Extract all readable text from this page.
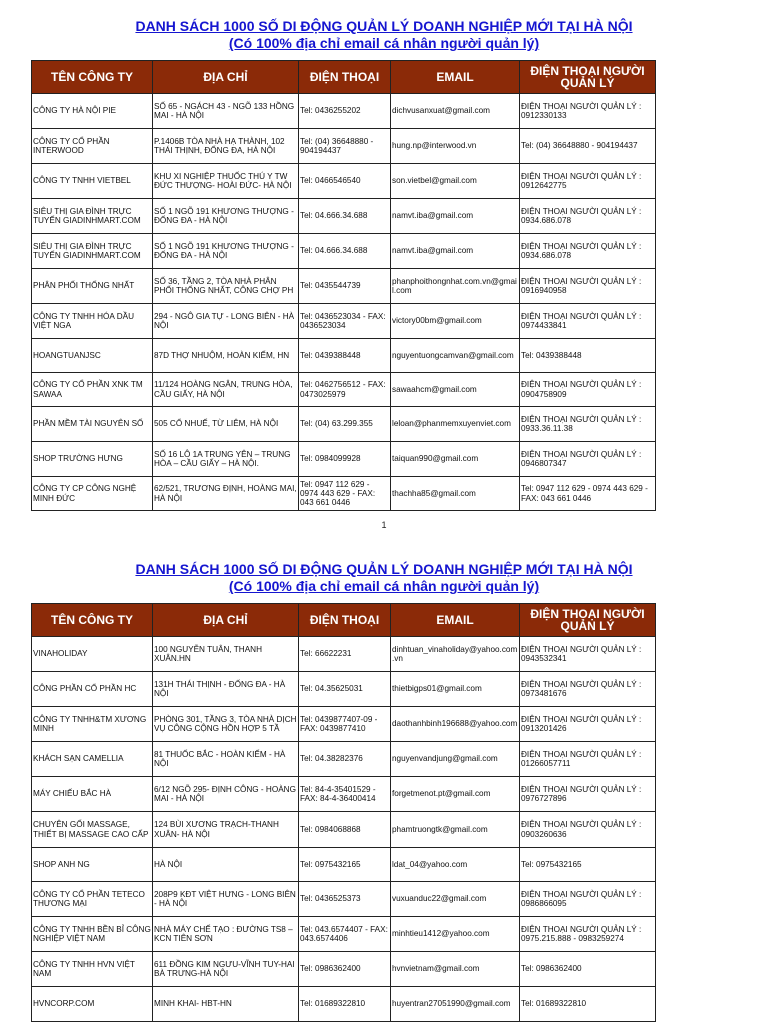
DANH SÁCH 1000 SỐ DI ĐỘNG QUẢN LÝ DOANH NGHIỆP MỚI TẠI HÀ NỘI
(Có 100% địa chỉ email cá nhân người quản lý)
TÊN CÔNG TY	ĐỊA CHỈ	ĐIỆN THOẠI	EMAIL	ĐIỆN THOẠI NGƯỜI QUẢN LÝ
CÔNG TY HÀ NỘI PIE	SỐ 65 - NGÁCH 43 - NGÕ 133 HỒNG MAI - HÀ NỘI	Tel: 0436255202	dichvusanxuat@gmail.com	ĐIỆN THOẠI NGƯỜI QUẢN LÝ : 0912330133
CÔNG TY CỔ PHẦN INTERWOOD	P.1406B TÒA NHÀ HẠ THÀNH, 102 THÁI THỊNH, ĐỐNG ĐA, HÀ NỘI	Tel: (04) 36648880 - 904194437	hung.np@interwood.vn	Tel: (04) 36648880 - 904194437
CÔNG TY TNHH VIETBEL	KHU XI NGHIỆP THUỐC THÚ Y TW ĐỨC THƯỢNG- HOÀI ĐỨC- HÀ NỘI	Tel: 0466546540	son.vietbel@gmail.com	ĐIỆN THOẠI NGƯỜI QUẢN LÝ : 0912642775
SIÊU THỊ GIA ĐÌNH TRỰC TUYẾN GIADINHMART.COM	SỐ 1 NGÕ 191 KHƯƠNG THƯỢNG - ĐỐNG ĐA - HÀ NỘI	Tel: 04.666.34.688	namvt.iba@gmail.com	ĐIỆN THOẠI NGƯỜI QUẢN LÝ : 0934.686.078
SIÊU THỊ GIA ĐÌNH TRỰC TUYẾN GIADINHMART.COM	SỐ 1 NGÕ 191 KHƯƠNG THƯỢNG - ĐỐNG ĐA - HÀ NỘI	Tel: 04.666.34.688	namvt.iba@gmail.com	ĐIỆN THOẠI NGƯỜI QUẢN LÝ : 0934.686.078
PHÂN PHỐI THỐNG NHẤT	SỐ 36, TẦNG 2, TÒA NHÀ PHÂN PHỐI THỐNG NHẤT, CÔNG CHỢ PH	Tel: 0435544739	phanphoithongnhat.com.vn@gmail.com	ĐIỆN THOẠI NGƯỜI QUẢN LÝ : 0916940958
CÔNG TY TNHH HÓA DẦU VIỆT NGA	294 - NGÔ GIA TỰ - LONG BIÊN - HÀ NỘI	Tel: 0436523034 - FAX: 0436523034	victory00bm@gmail.com	ĐIỆN THOẠI NGƯỜI QUẢN LÝ : 0974433841
HOANGTUANJSC	87D THỢ NHUỘM, HOÀN KIẾM, HN	Tel: 0439388448	nguyentuongcamvan@gmail.com	Tel: 0439388448
CÔNG TY CỔ PHẦN XNK TM SAWAA	11/124 HOÀNG NGÂN, TRUNG HÒA, CẦU GIẤY, HÀ NỘI	Tel: 0462756512 - FAX: 0473025979	sawaahcm@gmail.com	ĐIỆN THOẠI NGƯỜI QUẢN LÝ : 0904758909
PHẦN MỀM TÀI NGUYÊN SỐ	505 CỔ NHUẾ, TỪ LIÊM, HÀ NỘI	Tel: (04) 63.299.355	leloan@phanmemxuyenviet.com	ĐIỆN THOẠI NGƯỜI QUẢN LÝ : 0933.36.11.38
SHOP TRƯỜNG HƯNG	SỐ 16 LÔ 1A TRUNG YÊN – TRUNG HÒA – CẦU GIẤY – HÀ NỘI.	Tel: 0984099928	taiquan990@gmail.com	ĐIỆN THOẠI NGƯỜI QUẢN LÝ : 0946807347
CÔNG TY CP CÔNG NGHỆ MINH ĐỨC	62/521, TRƯƠNG ĐỊNH, HOÀNG MAI, HÀ NỘI	Tel: 0947 112 629 - 0974 443 629 - FAX: 043 661 0446	thachha85@gmail.com	Tel: 0947 112 629 - 0974 443 629 - FAX: 043 661 0446
1
DANH SÁCH 1000 SỐ DI ĐỘNG QUẢN LÝ DOANH NGHIỆP MỚI TẠI HÀ NỘI
(Có 100% địa chỉ email cá nhân người quản lý)
TÊN CÔNG TY	ĐỊA CHỈ	ĐIỆN THOẠI	EMAIL	ĐIỆN THOẠI NGƯỜI QUẢN LÝ
VINAHOLIDAY	100 NGUYỄN TUÂN, THANH XUÂN.HN	Tel: 66622231	dinhtuan_vinaholiday@yahoo.com.vn	ĐIỆN THOẠI NGƯỜI QUẢN LÝ : 0943532341
CÔNG PHẦN CỔ PHẦN HC	131H THÁI THỊNH - ĐỐNG ĐA - HÀ NỘI	Tel: 04.35625031	thietbigps01@gmail.com	ĐIỆN THOẠI NGƯỜI QUẢN LÝ : 0973481676
CÔNG TY TNHH&TM XƯƠNG MINH	PHÒNG 301, TẦNG 3, TÒA NHÀ DỊCH VỤ CÔNG CỘNG HỒN HỢP 5 TẦ	Tel: 0439877407-09 - FAX: 0439877410	daothanhbinh196688@yahoo.com	ĐIỆN THOẠI NGƯỜI QUẢN LÝ : 0913201426
KHÁCH SẠN CAMELLIA	81 THUỐC BẮC - HOÀN KIẾM - HÀ NỘI	Tel: 04.38282376	nguyenvandjung@gmail.com	ĐIỆN THOẠI NGƯỜI QUẢN LÝ : 01266057711
MÁY CHIẾU BẮC HÀ	6/12 NGÕ 295- ĐỊNH CÔNG - HOÀNG MAI - HÀ NỘI	Tel: 84-4-35401529 - FAX: 84-4-36400414	forgetmenot.pt@gmail.com	ĐIỆN THOẠI NGƯỜI QUẢN LÝ : 0976727896
CHUYÊN GỐI MASSAGE, THIẾT BỊ MASSAGE CAO CẤP	124 BÙI XƯƠNG TRẠCH-THANH XUÂN- HÀ NỘI	Tel: 0984068868	phamtruongtk@gmail.com	ĐIỆN THOẠI NGƯỜI QUẢN LÝ : 0903260636
SHOP ANH NG	HÀ NỘI	Tel: 0975432165	ldat_04@yahoo.com	Tel: 0975432165
CÔNG TY CỔ PHẦN TETECO THƯƠNG MẠI	208P9 KĐT VIỆT HƯNG - LONG BIÊN - HÀ NỘI	Tel: 0436525373	vuxuanduc22@gmail.com	ĐIỆN THOẠI NGƯỜI QUẢN LÝ : 0986866095
CÔNG TY TNHH BỀN BỈ CÔNG NGHIỆP VIỆT NAM	NHÀ MÁY CHẾ TẠO : ĐƯỜNG TS8 – KCN TIÊN SƠN	Tel: 043.6574407 - FAX: 043.6574406	minhtieu1412@yahoo.com	ĐIỆN THOẠI NGƯỜI QUẢN LÝ : 0975.215.888 - 0983259274
CÔNG TY TNHH HVN VIỆT NAM	611 ĐỒNG KIM NGƯU-VĨNH TUY-HAI BÀ TRƯNG-HÀ NỘI	Tel: 0986362400	hvnvietnam@gmail.com	Tel: 0986362400
HVNCORP.COM	MINH KHAI- HBT-HN	Tel: 01689322810	huyentran27051990@gmail.com	Tel: 01689322810
